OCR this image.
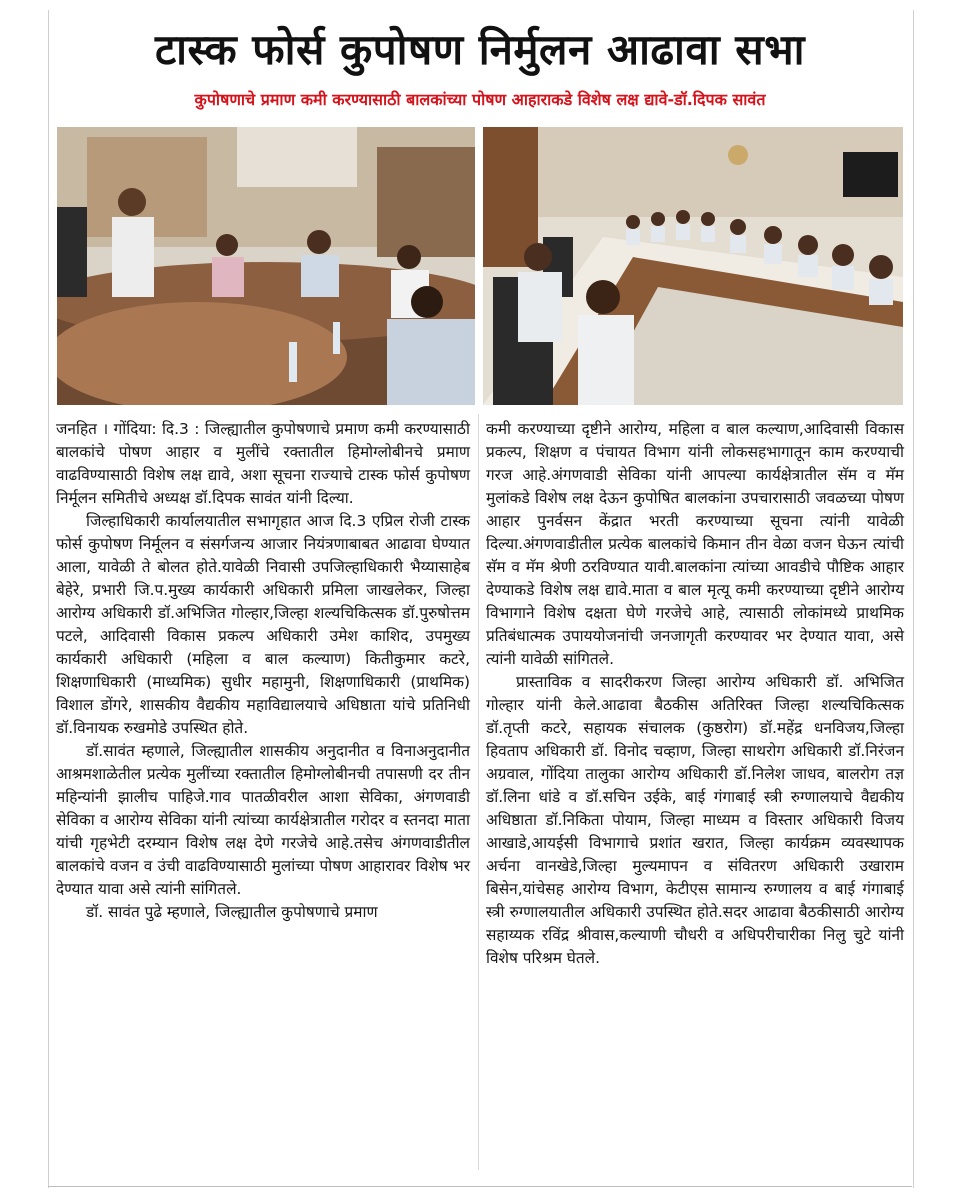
टास्क फोर्स कुपोषण निर्मुलन आढावा सभा
कुपोषणाचे प्रमाण कमी करण्यासाठी बालकांच्या पोषण आहाराकडे विशेष लक्ष द्यावे-डॉ.दिपक सावंत

जनहित । गोंदिया: दि.3 : जिल्ह्यातील कुपोषणाचे प्रमाण कमी करण्यासाठी बालकांचे पोषण आहार व मुलींचे रक्तातील हिमोग्लोबीनचे प्रमाण वाढविण्यासाठी विशेष लक्ष द्यावे, अशा सूचना राज्याचे टास्क फोर्स कुपोषण निर्मूलन समितीचे अध्यक्ष डॉ.दिपक सावंत यांनी दिल्या.

जिल्हाधिकारी कार्यालयातील सभागृहात आज दि.3 एप्रिल रोजी टास्क फोर्स कुपोषण निर्मूलन व संसर्गजन्य आजार नियंत्रणाबाबत आढावा घेण्यात आला, यावेळी ते बोलत होते.यावेळी निवासी उपजिल्हाधिकारी भैय्यासाहेब बेहेरे, प्रभारी जि.प.मुख्य कार्यकारी अधिकारी प्रमिला जाखलेकर, जिल्हा आरोग्य अधिकारी डॉ.अभिजित गोल्हार,जिल्हा शल्यचिकित्सक डॉ.पुरुषोत्तम पटले, आदिवासी विकास प्रकल्प अधिकारी उमेश काशिद, उपमुख्य कार्यकारी अधिकारी (महिला व बाल कल्याण) कितीकुमार कटरे, शिक्षणाधिकारी (माध्यमिक) सुधीर महामुनी, शिक्षणाधिकारी (प्राथमिक) विशाल डोंगरे, शासकीय वैद्यकीय महाविद्यालयाचे अधिष्ठाता यांचे प्रतिनिधी डॉ.विनायक रुखमोडे उपस्थित होते.

डॉ.सावंत म्हणाले, जिल्ह्यातील शासकीय अनुदानीत व विनाअनुदानीत आश्रमशाळेतील प्रत्येक मुलींच्या रक्तातील हिमोग्लोबीनची तपासणी दर तीन महिन्यांनी झालीच पाहिजे.गाव पातळीवरील आशा सेविका, अंगणवाडी सेविका व आरोग्य सेविका यांनी त्यांच्या कार्यक्षेत्रातील गरोदर व स्तनदा माता यांची गृहभेटी दरम्यान विशेष लक्ष देणे गरजेचे आहे.तसेच अंगणवाडीतील बालकांचे वजन व उंची वाढविण्यासाठी मुलांच्या पोषण आहारावर विशेष भर देण्यात यावा असे त्यांनी सांगितले.

डॉ. सावंत पुढे म्हणाले, जिल्ह्यातील कुपोषणाचे प्रमाण

कमी करण्याच्या दृष्टीने आरोग्य, महिला व बाल कल्याण,आदिवासी विकास प्रकल्प, शिक्षण व पंचायत विभाग यांनी लोकसहभागातून काम करण्याची गरज आहे.अंगणवाडी सेविका यांनी आपल्या कार्यक्षेत्रातील सॅम व मॅम मुलांकडे विशेष लक्ष देऊन कुपोषित बालकांना उपचारासाठी जवळच्या पोषण आहार पुनर्वसन केंद्रात भरती करण्याच्या सूचना त्यांनी यावेळी दिल्या.अंगणवाडीतील प्रत्येक बालकांचे किमान तीन वेळा वजन घेऊन त्यांची सॅम व मॅम श्रेणी ठरविण्यात यावी.बालकांना त्यांच्या आवडीचे पौष्टिक आहार देण्याकडे विशेष लक्ष द्यावे.माता व बाल मृत्यू कमी करण्याच्या दृष्टीने आरोग्य विभागाने विशेष दक्षता घेणे गरजेचे आहे, त्यासाठी लोकांमध्ये प्राथमिक प्रतिबंधात्मक उपाययोजनांची जनजागृती करण्यावर भर देण्यात यावा, असे त्यांनी यावेळी सांगितले.

प्रास्ताविक व सादरीकरण जिल्हा आरोग्य अधिकारी डॉ. अभिजित गोल्हार यांनी केले.आढावा बैठकीस अतिरिक्त जिल्हा शल्यचिकित्सक डॉ.तृप्ती कटरे, सहायक संचालक (कुष्ठरोग) डॉ.महेंद्र धनविजय,जिल्हा हिवताप अधिकारी डॉ. विनोद चव्हाण, जिल्हा साथरोग अधिकारी डॉ.निरंजन अग्रवाल, गोंदिया तालुका आरोग्य अधिकारी डॉ.निलेश जाधव, बालरोग तज्ञ डॉ.लिना धांडे व डॉ.सचिन उईके, बाई गंगाबाई स्त्री रुग्णालयाचे वैद्यकीय अधिष्ठाता डॉ.निकिता पोयाम, जिल्हा माध्यम व विस्तार अधिकारी विजय आखाडे,आयईसी विभागाचे प्रशांत खरात, जिल्हा कार्यक्रम व्यवस्थापक अर्चना वानखेडे,जिल्हा मुल्यमापन व संवितरण अधिकारी उखाराम बिसेन,यांचेसह आरोग्य विभाग, केटीएस सामान्य रुग्णालय व बाई गंगाबाई स्त्री रुग्णालयातील अधिकारी उपस्थित होते.सदर आढावा बैठकीसाठी आरोग्य सहाय्यक रविंद्र श्रीवास,कल्याणी चौधरी व अधिपरीचारीका निलु चुटे यांनी विशेष परिश्रम घेतले.
